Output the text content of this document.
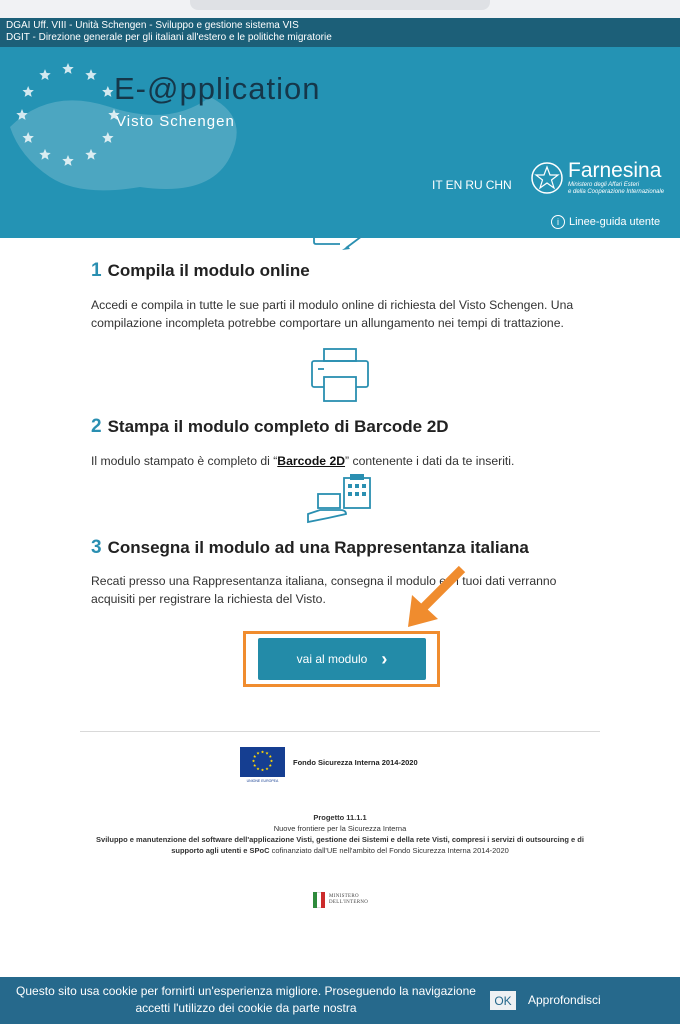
DGAI Uff. VIII - Unità Schengen - Sviluppo e gestione sistema VIS
DGIT - Direzione generale per gli italiani all'estero e le politiche migratorie
E-@pplication
Visto Schengen
IT EN RU CHN
Farnesina
Ministero degli Affari Esteri
e della Cooperazione Internazionale
i Linee-guida utente
1 Compila il modulo online
Accedi e compila in tutte le sue parti il modulo online di richiesta del Visto Schengen. Una compilazione incompleta potrebbe comportare un allungamento nei tempi di trattazione.
2 Stampa il modulo completo di Barcode 2D
Il modulo stampato è completo di “Barcode 2D” contenente i dati da te inseriti.
3 Consegna il modulo ad una Rappresentanza italiana
Recati presso una Rappresentanza italiana, consegna il modulo ed i tuoi dati verranno acquisiti per registrare la richiesta del Visto.
vai al modulo ›
UNIONE EUROPEA
Fondo Sicurezza Interna 2014-2020
Progetto 11.1.1
Nuove frontiere per la Sicurezza Interna
Sviluppo e manutenzione del software dell'applicazione Visti, gestione dei Sistemi e della rete Visti, compresi i servizi di outsourcing e di supporto agli utenti e SPoC cofinanziato dall'UE nell'ambito del Fondo Sicurezza Interna 2014-2020
MINISTERO
DELL'INTERNO
Questo sito usa cookie per fornirti un'esperienza migliore. Proseguendo la navigazione accetti l'utilizzo dei cookie da parte nostra
OK	Approfondisci
